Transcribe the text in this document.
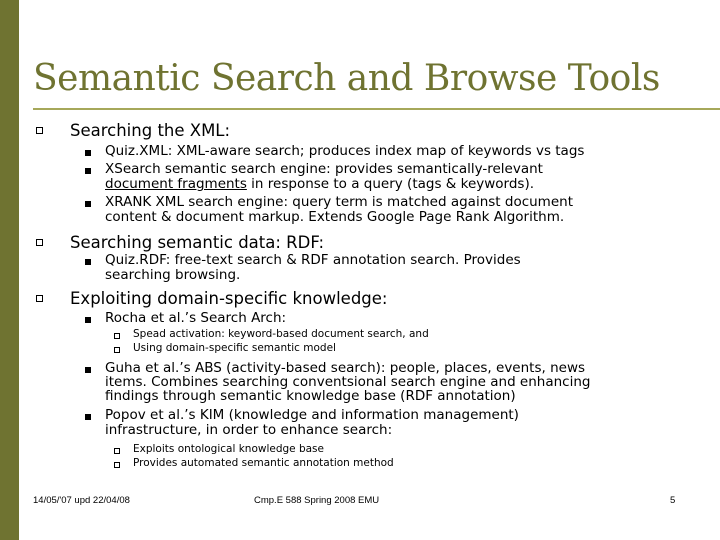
Semantic Search and Browse Tools
Searching the XML:
Quiz.XML: XML-aware search; produces index map of keywords vs tags
XSearch semantic search engine: provides semantically-relevant
document fragments in response to a query (tags & keywords).
XRANK XML search engine: query term is matched against document
content & document markup. Extends Google Page Rank Algorithm.
Searching semantic data: RDF:
Quiz.RDF: free-text search & RDF annotation search. Provides
searching browsing.
Exploiting domain-specific knowledge:
Rocha et al.’s Search Arch:
Spead activation: keyword-based document search, and
Using domain-specific semantic model
Guha et al.’s ABS (activity-based search): people, places, events, news
items. Combines searching conventsional search engine and enhancing
findings through semantic knowledge base (RDF annotation)
Popov et al.’s KIM (knowledge and information management)
infrastructure, in order to enhance search:
Exploits ontological knowledge base
Provides automated semantic annotation method
14/05/'07 upd 22/04/08	Cmp.E 588 Spring 2008 EMU	5
